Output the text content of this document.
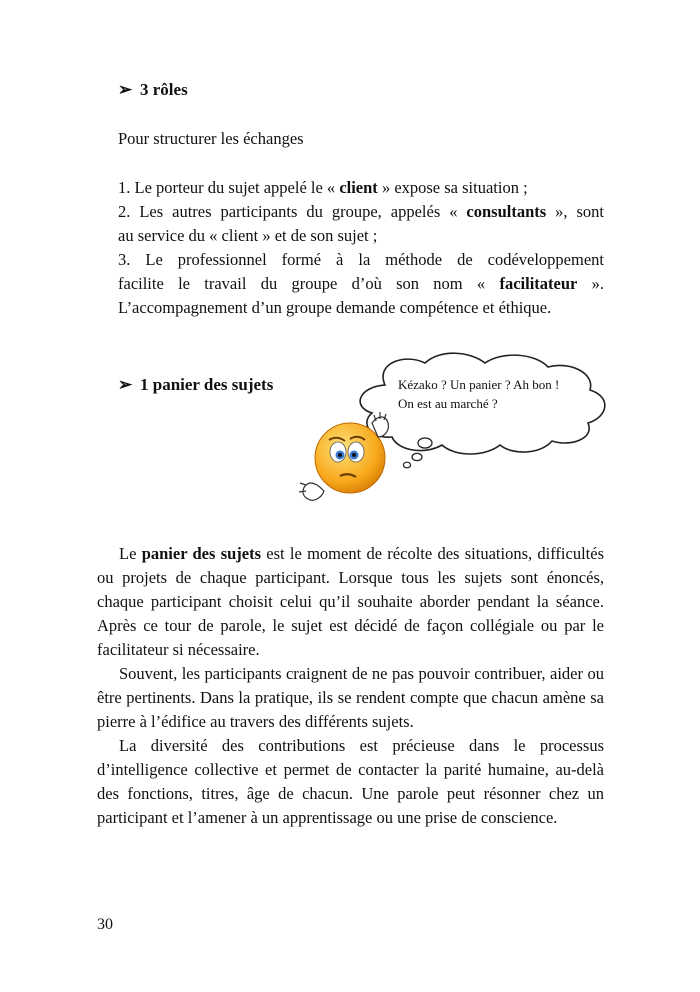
➢ 3 rôles
Pour structurer les échanges
1. Le porteur du sujet appelé le « client » expose sa situation ;
2. Les autres participants du groupe, appelés « consultants », sont
au service du « client » et de son sujet ;
3. Le professionnel formé à la méthode de codéveloppement
facilite le travail du groupe d’où son nom « facilitateur ».
L’accompagnement d’un groupe demande compétence et éthique.
➢ 1 panier des sujets	Kézako ? Un panier ? Ah bon ! On est au marché ?

Le panier des sujets est le moment de récolte des situations, difficultés ou projets de chaque participant. Lorsque tous les sujets sont énoncés, chaque participant choisit celui qu’il souhaite aborder pendant la séance. Après ce tour de parole, le sujet est décidé de façon collégiale ou par le facilitateur si nécessaire.

Souvent, les participants craignent de ne pas pouvoir contribuer, aider ou être pertinents. Dans la pratique, ils se rendent compte que chacun amène sa pierre à l’édifice au travers des différents sujets.

La diversité des contributions est précieuse dans le processus d’intelligence collective et permet de contacter la parité humaine, au-delà des fonctions, titres, âge de chacun. Une parole peut résonner chez un participant et l’amener à un apprentissage ou une prise de conscience.

30
